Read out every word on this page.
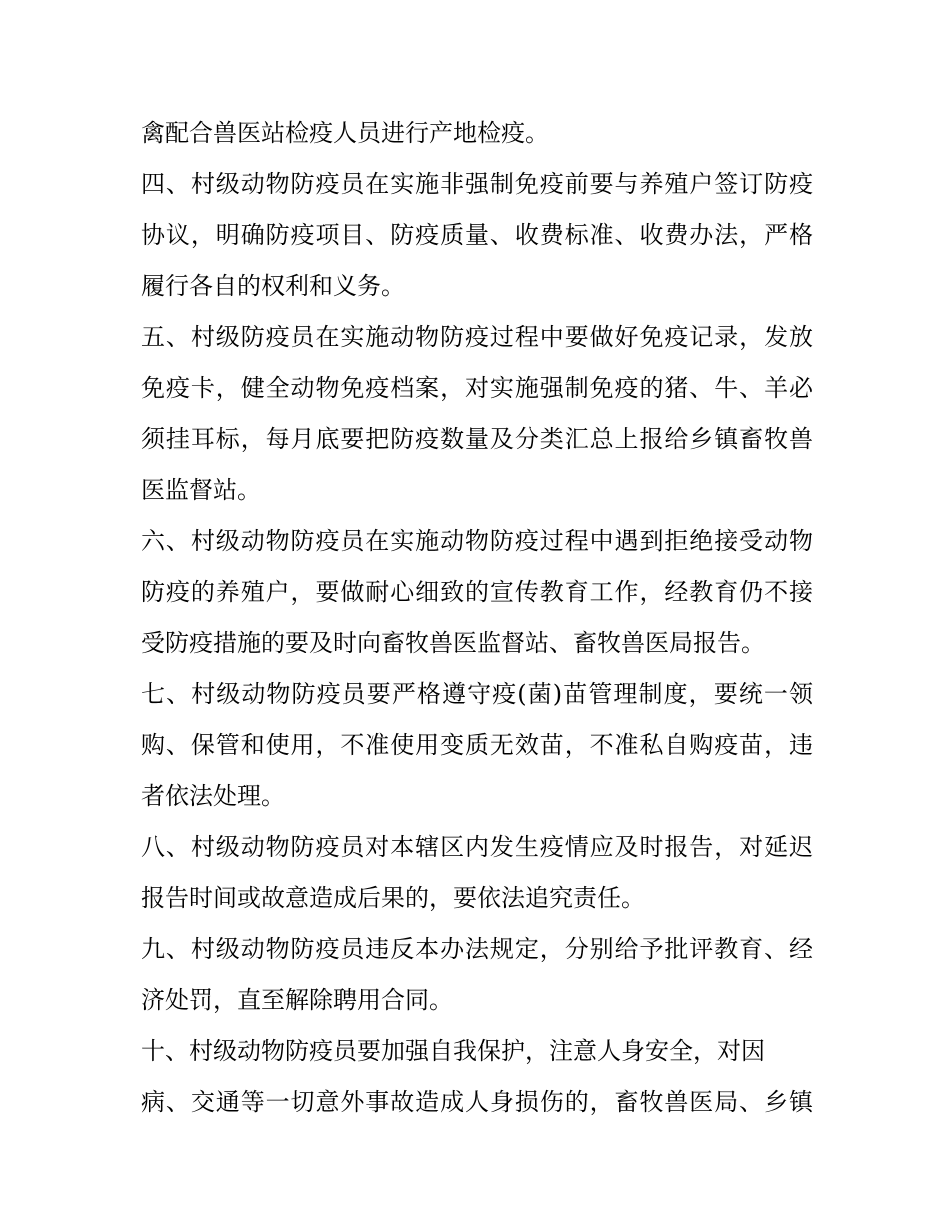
禽配合兽医站检疫人员进行产地检疫。
四、村级动物防疫员在实施非强制免疫前要与养殖户签订防疫
协议，明确防疫项目、防疫质量、收费标准、收费办法，严格
履行各自的权利和义务。
五、村级防疫员在实施动物防疫过程中要做好免疫记录，发放
免疫卡，健全动物免疫档案，对实施强制免疫的猪、牛、羊必
须挂耳标，每月底要把防疫数量及分类汇总上报给乡镇畜牧兽
医监督站。
六、村级动物防疫员在实施动物防疫过程中遇到拒绝接受动物
防疫的养殖户，要做耐心细致的宣传教育工作，经教育仍不接
受防疫措施的要及时向畜牧兽医监督站、畜牧兽医局报告。
七、村级动物防疫员要严格遵守疫(菌)苗管理制度，要统一领
购、保管和使用，不准使用变质无效苗，不准私自购疫苗，违
者依法处理。
八、村级动物防疫员对本辖区内发生疫情应及时报告，对延迟
报告时间或故意造成后果的，要依法追究责任。
九、村级动物防疫员违反本办法规定，分别给予批评教育、经
济处罚，直至解除聘用合同。
十、村级动物防疫员要加强自我保护，注意人身安全，对因
病、交通等一切意外事故造成人身损伤的，畜牧兽医局、乡镇
